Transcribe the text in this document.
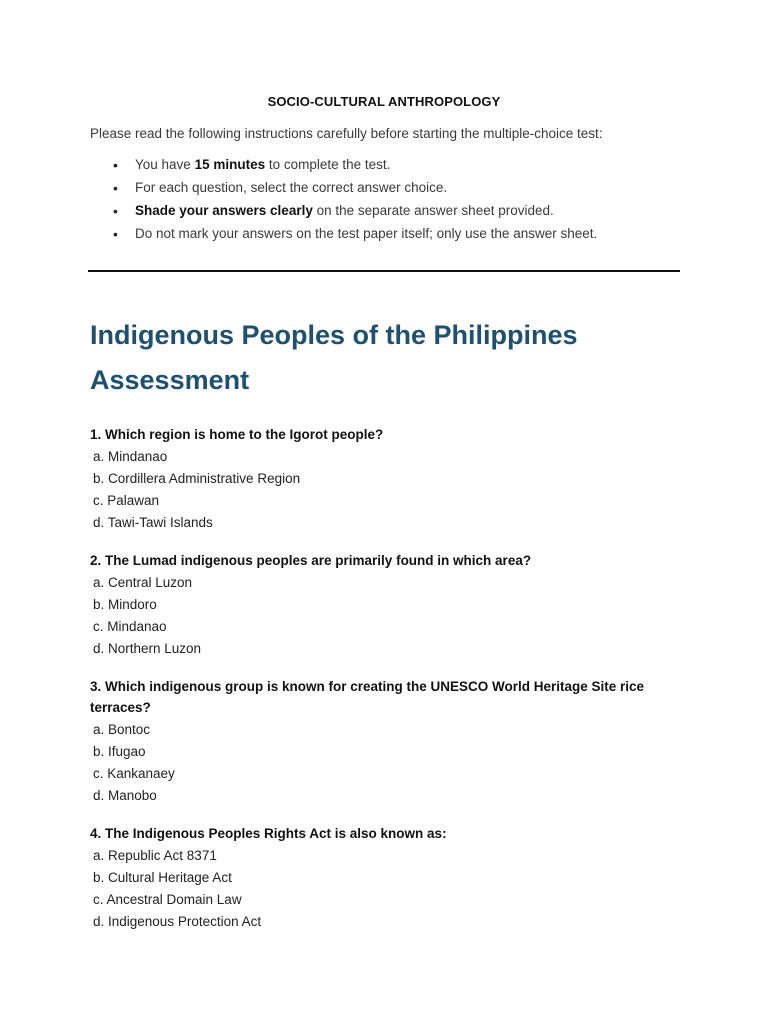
SOCIO-CULTURAL ANTHROPOLOGY
Please read the following instructions carefully before starting the multiple-choice test:
• You have 15 minutes to complete the test.
• For each question, select the correct answer choice.
• Shade your answers clearly on the separate answer sheet provided.
• Do not mark your answers on the test paper itself; only use the answer sheet.
Indigenous Peoples of the Philippines
Assessment
1. Which region is home to the Igorot people?
a. Mindanao
b. Cordillera Administrative Region
c. Palawan
d. Tawi-Tawi Islands
2. The Lumad indigenous peoples are primarily found in which area?
a. Central Luzon
b. Mindoro
c. Mindanao
d. Northern Luzon
3. Which indigenous group is known for creating the UNESCO World Heritage Site rice terraces?
a. Bontoc
b. Ifugao
c. Kankanaey
d. Manobo
4. The Indigenous Peoples Rights Act is also known as:
a. Republic Act 8371
b. Cultural Heritage Act
c. Ancestral Domain Law
d. Indigenous Protection Act
